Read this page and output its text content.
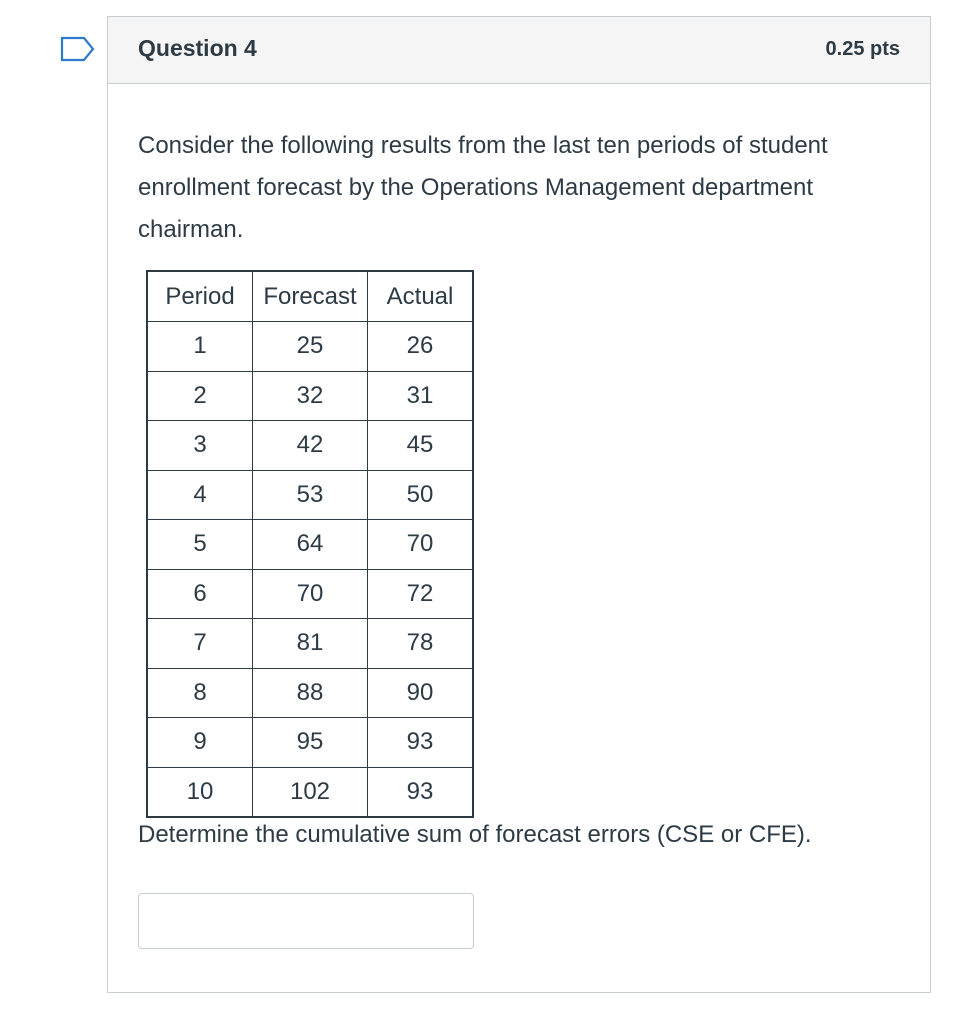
Question 4	0.25 pts
Consider the following results from the last ten periods of student enrollment forecast by the Operations Management department chairman.
Period	Forecast	Actual
1	25	26
2	32	31
3	42	45
4	53	50
5	64	70
6	70	72
7	81	78
8	88	90
9	95	93
10	102	93
Determine the cumulative sum of forecast errors (CSE or CFE).
